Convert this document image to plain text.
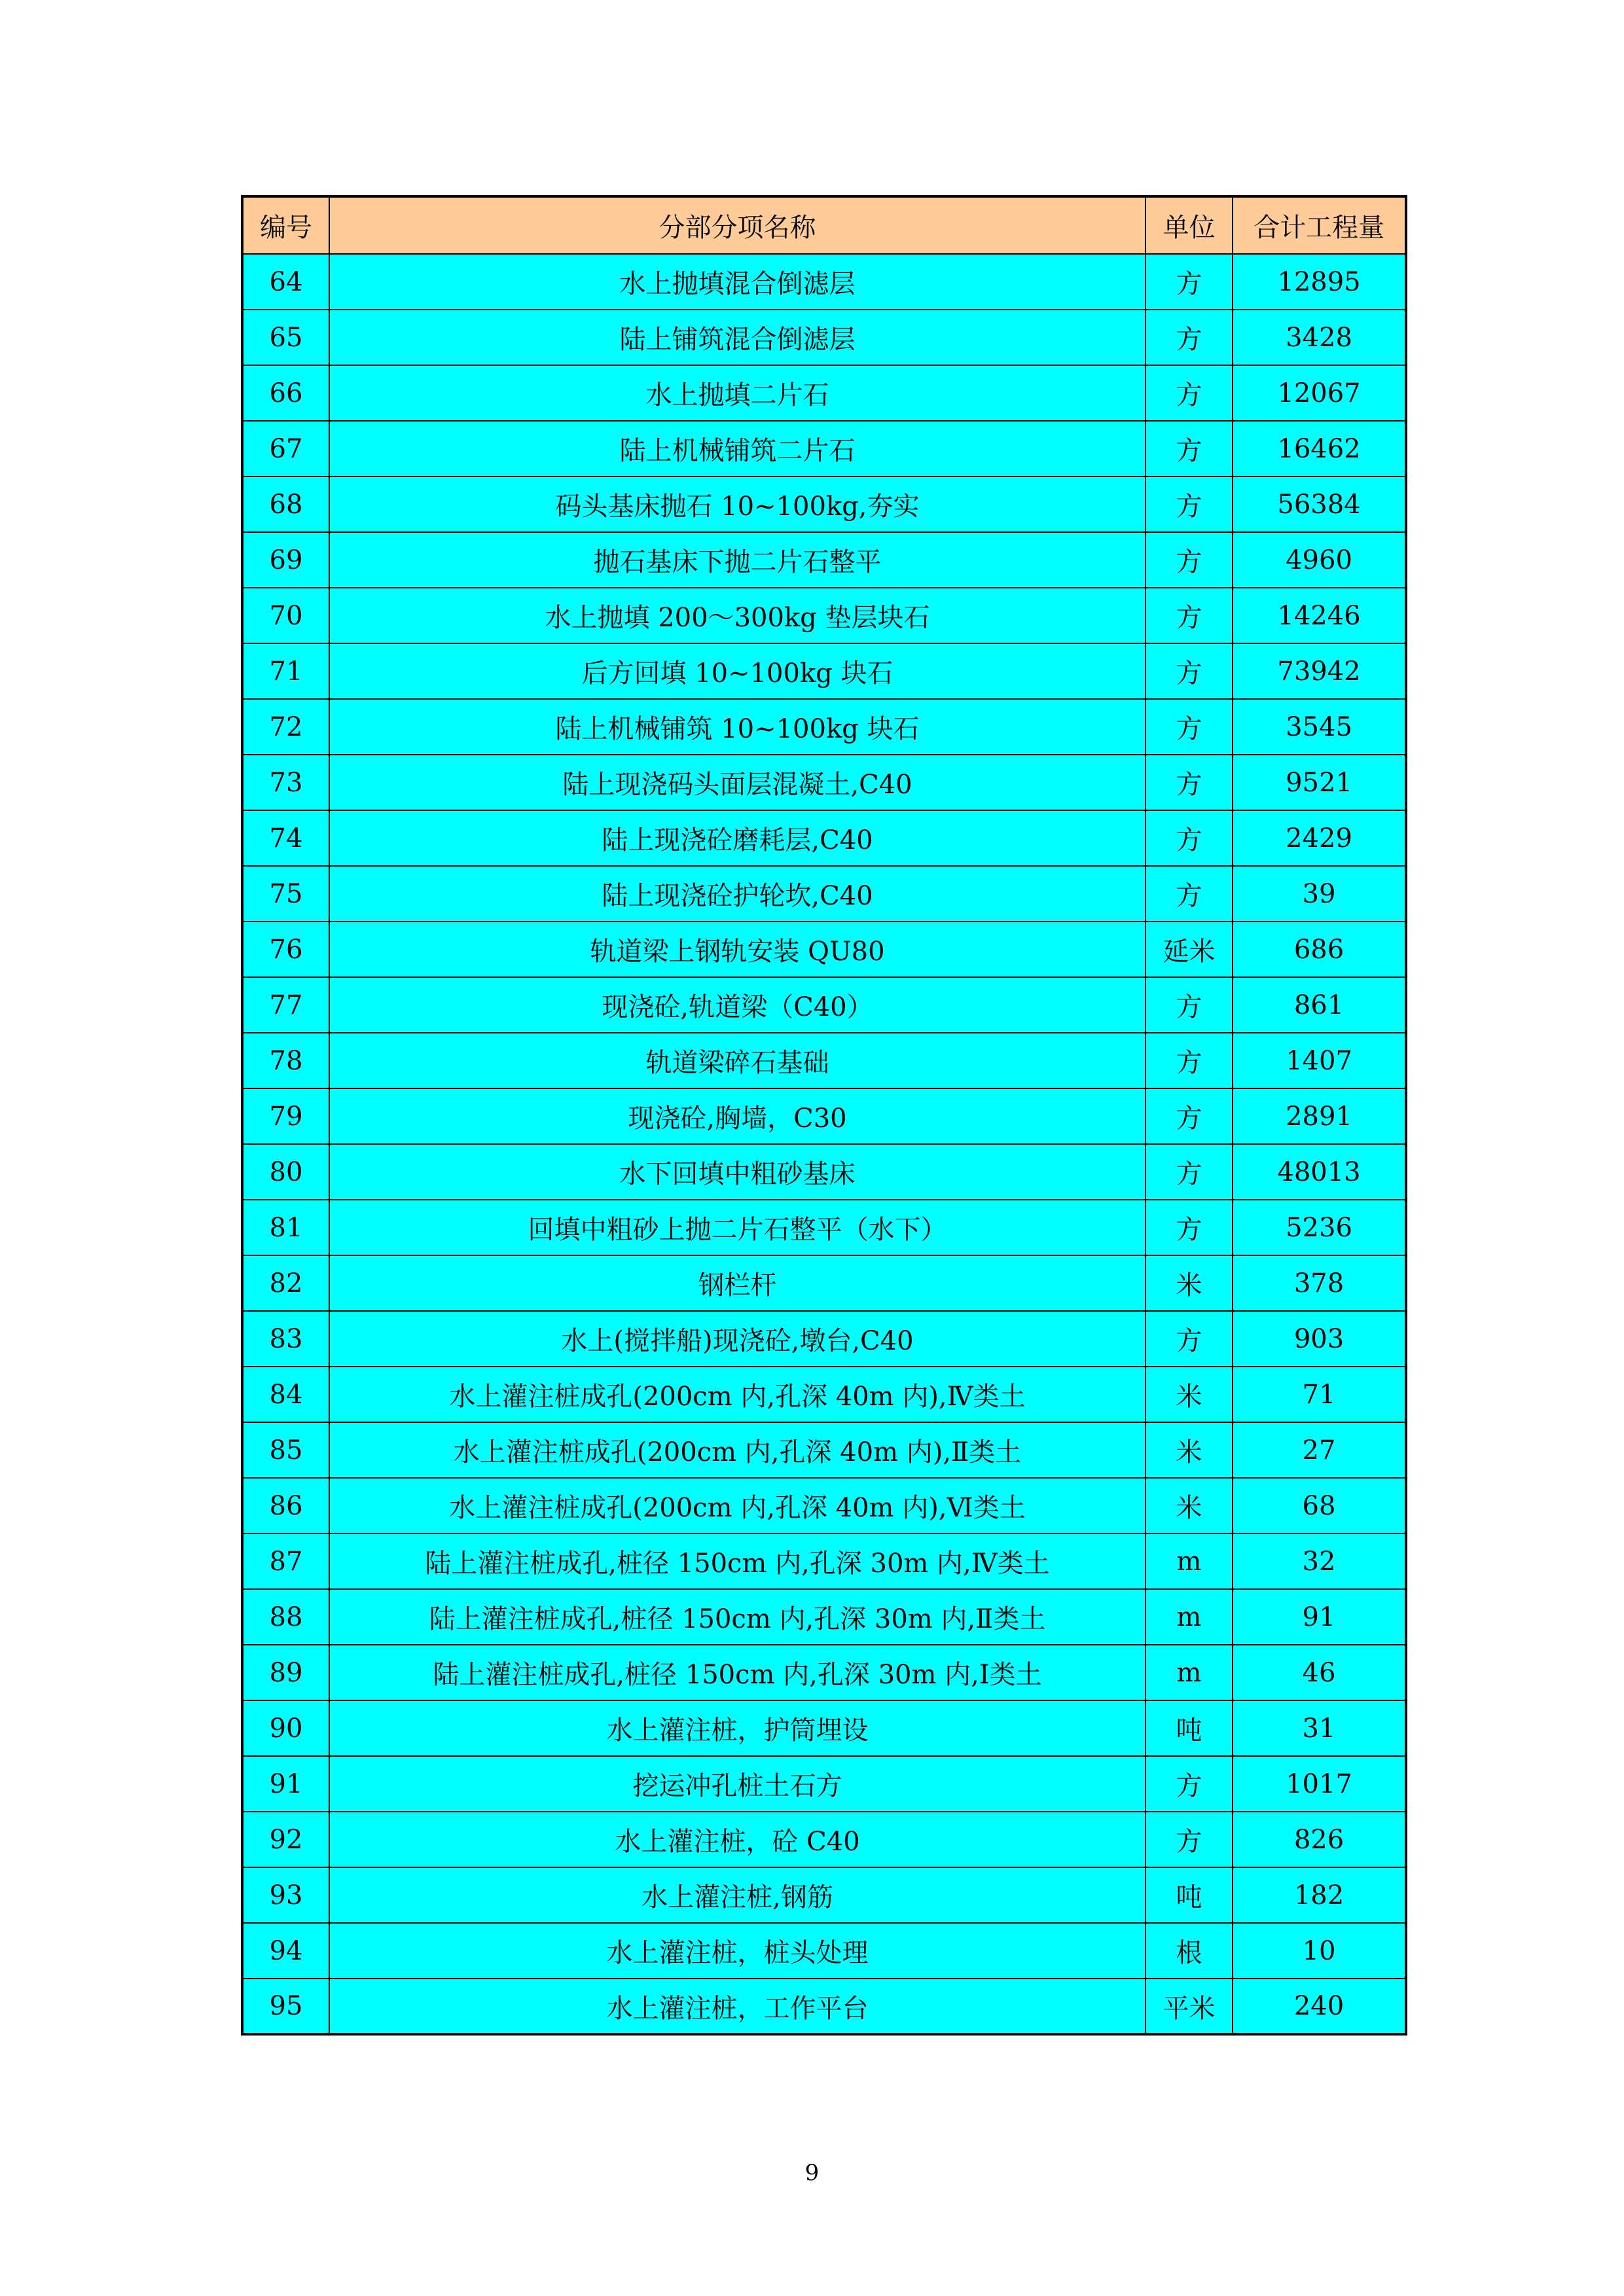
编号	分部分项名称	单位	合计工程量
64	水上抛填混合倒滤层	方	12895
65	陆上铺筑混合倒滤层	方	3428
66	水上抛填二片石	方	12067
67	陆上机械铺筑二片石	方	16462
68	码头基床抛石 10~100kg,夯实	方	56384
69	抛石基床下抛二片石整平	方	4960
70	水上抛填 200～300kg 垫层块石	方	14246
71	后方回填 10~100kg 块石	方	73942
72	陆上机械铺筑 10~100kg 块石	方	3545
73	陆上现浇码头面层混凝土,C40	方	9521
74	陆上现浇砼磨耗层,C40	方	2429
75	陆上现浇砼护轮坎,C40	方	39
76	轨道梁上钢轨安装 QU80	延米	686
77	现浇砼,轨道梁（C40）	方	861
78	轨道梁碎石基础	方	1407
79	现浇砼,胸墙，C30	方	2891
80	水下回填中粗砂基床	方	48013
81	回填中粗砂上抛二片石整平（水下）	方	5236
82	钢栏杆	米	378
83	水上(搅拌船)现浇砼,墩台,C40	方	903
84	水上灌注桩成孔(200cm 内,孔深 40m 内),Ⅳ类土	米	71
85	水上灌注桩成孔(200cm 内,孔深 40m 内),Ⅱ类土	米	27
86	水上灌注桩成孔(200cm 内,孔深 40m 内),Ⅵ类土	米	68
87	陆上灌注桩成孔,桩径 150cm 内,孔深 30m 内,Ⅳ类土	m	32
88	陆上灌注桩成孔,桩径 150cm 内,孔深 30m 内,Ⅱ类土	m	91
89	陆上灌注桩成孔,桩径 150cm 内,孔深 30m 内,Ⅰ类土	m	46
90	水上灌注桩，护筒埋设	吨	31
91	挖运冲孔桩土石方	方	1017
92	水上灌注桩，砼 C40	方	826
93	水上灌注桩,钢筋	吨	182
94	水上灌注桩，桩头处理	根	10
95	水上灌注桩，工作平台	平米	240
9
